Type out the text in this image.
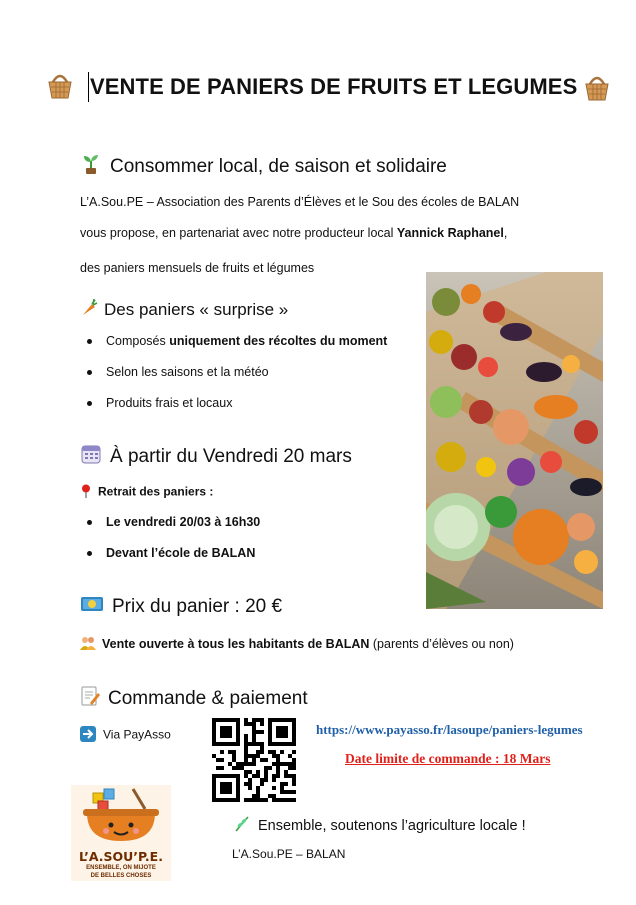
VENTE DE PANIERS DE FRUITS ET LEGUMES
Consommer local, de saison et solidaire
L’A.Sou.PE – Association des Parents d’Élèves et le Sou des écoles de BALAN
vous propose, en partenariat avec notre producteur local Yannick Raphanel,
des paniers mensuels de fruits et légumes
Des paniers « surprise »
Composés uniquement des récoltes du moment
Selon les saisons et la météo
Produits frais et locaux
À partir du Vendredi 20 mars
Retrait des paniers :
Le vendredi 20/03 à 16h30
Devant l’école de BALAN
Prix du panier : 20 €
Vente ouverte à tous les habitants de BALAN (parents d’élèves ou non)
Commande & paiement
Via PayAsso	https://www.payasso.fr/lasoupe/paniers-legumes
Date limite de commande : 18 Mars
L’A.SOU’P.E.
ENSEMBLE, ON MIJOTE
DE BELLES CHOSES
Ensemble, soutenons l’agriculture locale !
L’A.Sou.PE – BALAN
